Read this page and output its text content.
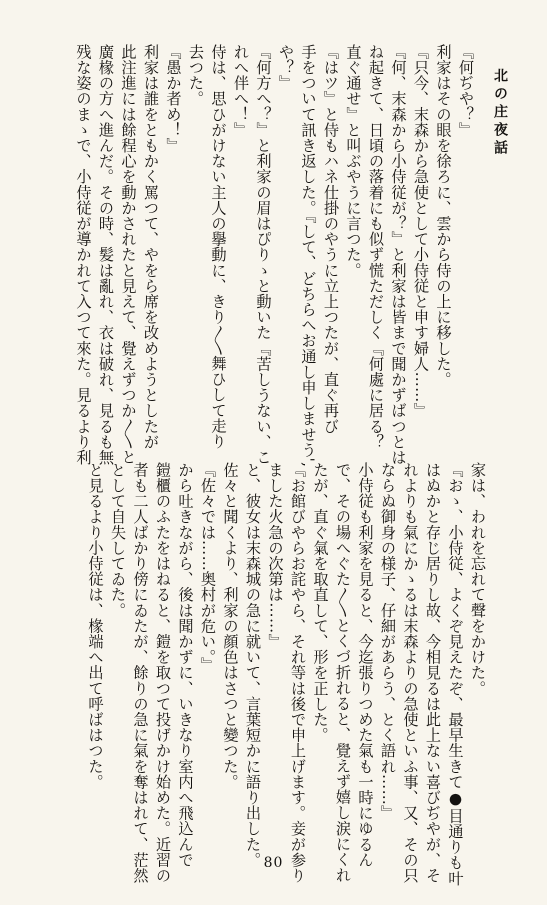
北の庄夜話
『何ぢや？』
利家はその眼を徐ろに、雲から侍の上に移した。
『只今、末森から急使として小侍従と申す婦人……』
『何、末森から小侍従が？』と利家は皆まで聞かずばつとは
ね起きて、日頃の落着にも似ず慌ただしく『何處に居る？
直ぐ通せ』と叫ぶやうに言つた。
『はツ』と侍もハネ仕掛のやうに立上つたが、直ぐ再び
手をついて訊き返した。『して、どちらへお通し申しませう',
や？』
『何方へ？』と利家の眉はぴりゝと動いた『苦しうない、こ
れへ伴へ！』
侍は、思ひがけない主人の擧動に、きり〳〵舞ひして走り
去つた。
『愚か者め！』
利家は誰をともかく罵つて、やをら席を改めようとしたが
此注進には餘程心を動かされたと見えて、覺えずつか〳〵と
廣椽の方へ進んだ。その時、髪は亂れ、衣は破れ、見るも無
残な姿のまゝで、小侍従が導かれて入つて來た。見るより利
家は、われを忘れて聲をかけた。
『おゝ、小侍従、よくぞ見えたぞ、最早生きて●目通りも叶
はぬかと存じ居りし故、今相見るは此上ない喜びぢやが、そ
れよりも氣にかゝるは末森よりの急使といふ事、又、その只
ならぬ御身の様子、仔細があらう、とく語れ……』
小侍従も利家を見ると、今迄張りつめた氣も一時にゆるん
で、その場へぐた〳〵とくづ折れると、覺えず嬉し涙にくれ
たが、直ぐ氣を取直して、形を正した。
『お館びやらお詫やら、それ等は後で申上げます。妾が参り
ました火急の次第は……』
と、彼女は末森城の急に就いて、言葉短かに語り出した。
佐々と聞くより、利家の顔色はさつと變つた。
『佐々では……奥村が危い。』
から吐きながら、後は聞かずに、いきなり室内へ飛込んで
鎧櫃のふたをはねると、鎧を取つて投げかけ始めた。近習の
者も二人ばかり傍にゐたが、餘りの急に氣を奪はれて、茫然
として自失してゐた。
と見るより小侍従は、椽端へ出て呼ばはつた。
80
